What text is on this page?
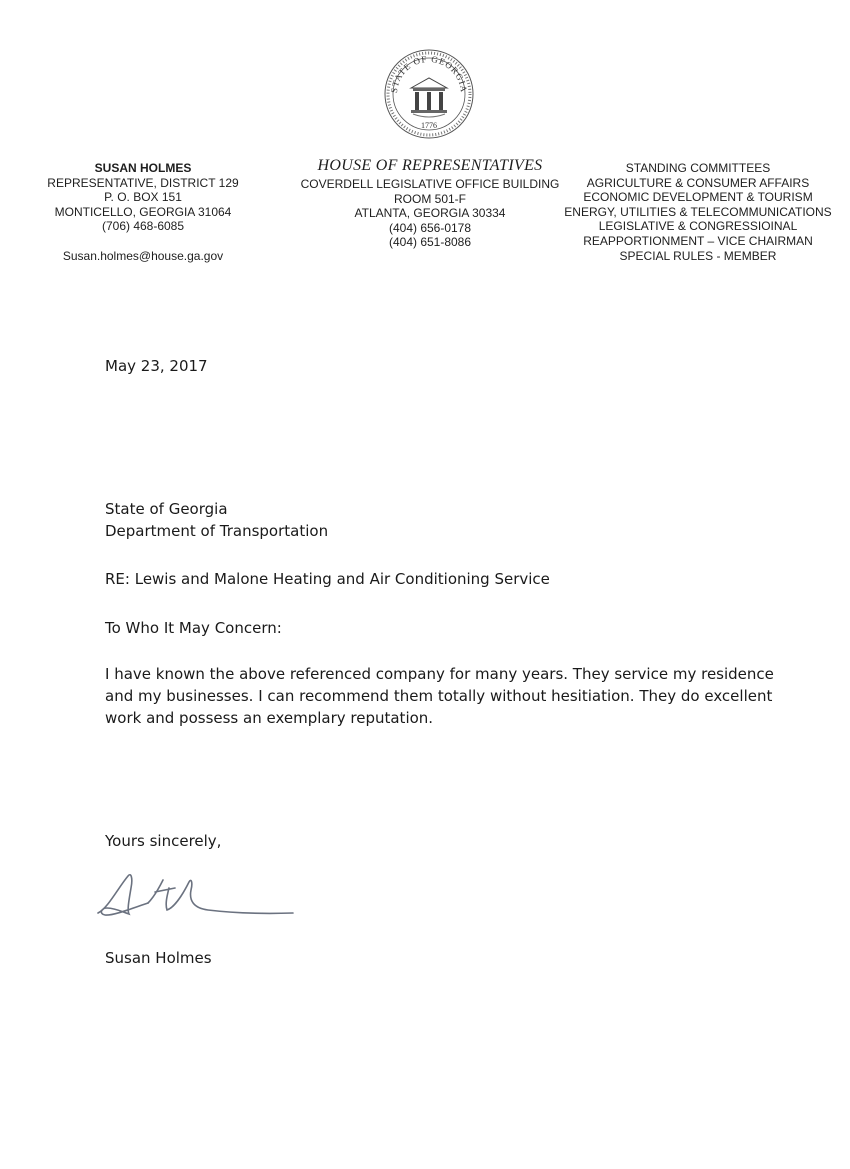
STATE OF GEORGIA
1776
SUSAN HOLMES
REPRESENTATIVE, DISTRICT 129
P. O. BOX 151
MONTICELLO, GEORGIA 31064
(706) 468-6085
Susan.holmes@house.ga.gov
HOUSE OF REPRESENTATIVES
COVERDELL LEGISLATIVE OFFICE BUILDING
ROOM 501-F
ATLANTA, GEORGIA 30334
(404) 656-0178
(404) 651-8086
STANDING COMMITTEES
AGRICULTURE & CONSUMER AFFAIRS
ECONOMIC DEVELOPMENT & TOURISM
ENERGY, UTILITIES & TELECOMMUNICATIONS
LEGISLATIVE & CONGRESSIOINAL
REAPPORTIONMENT – VICE CHAIRMAN
SPECIAL RULES - MEMBER
May 23, 2017
State of Georgia
Department of Transportation
RE: Lewis and Malone Heating and Air Conditioning Service
To Who It May Concern:
I have known the above referenced company for many years. They service my residence and my businesses. I can recommend them totally without hesitiation. They do excellent work and possess an exemplary reputation.
Yours sincerely,
Susan Holmes
